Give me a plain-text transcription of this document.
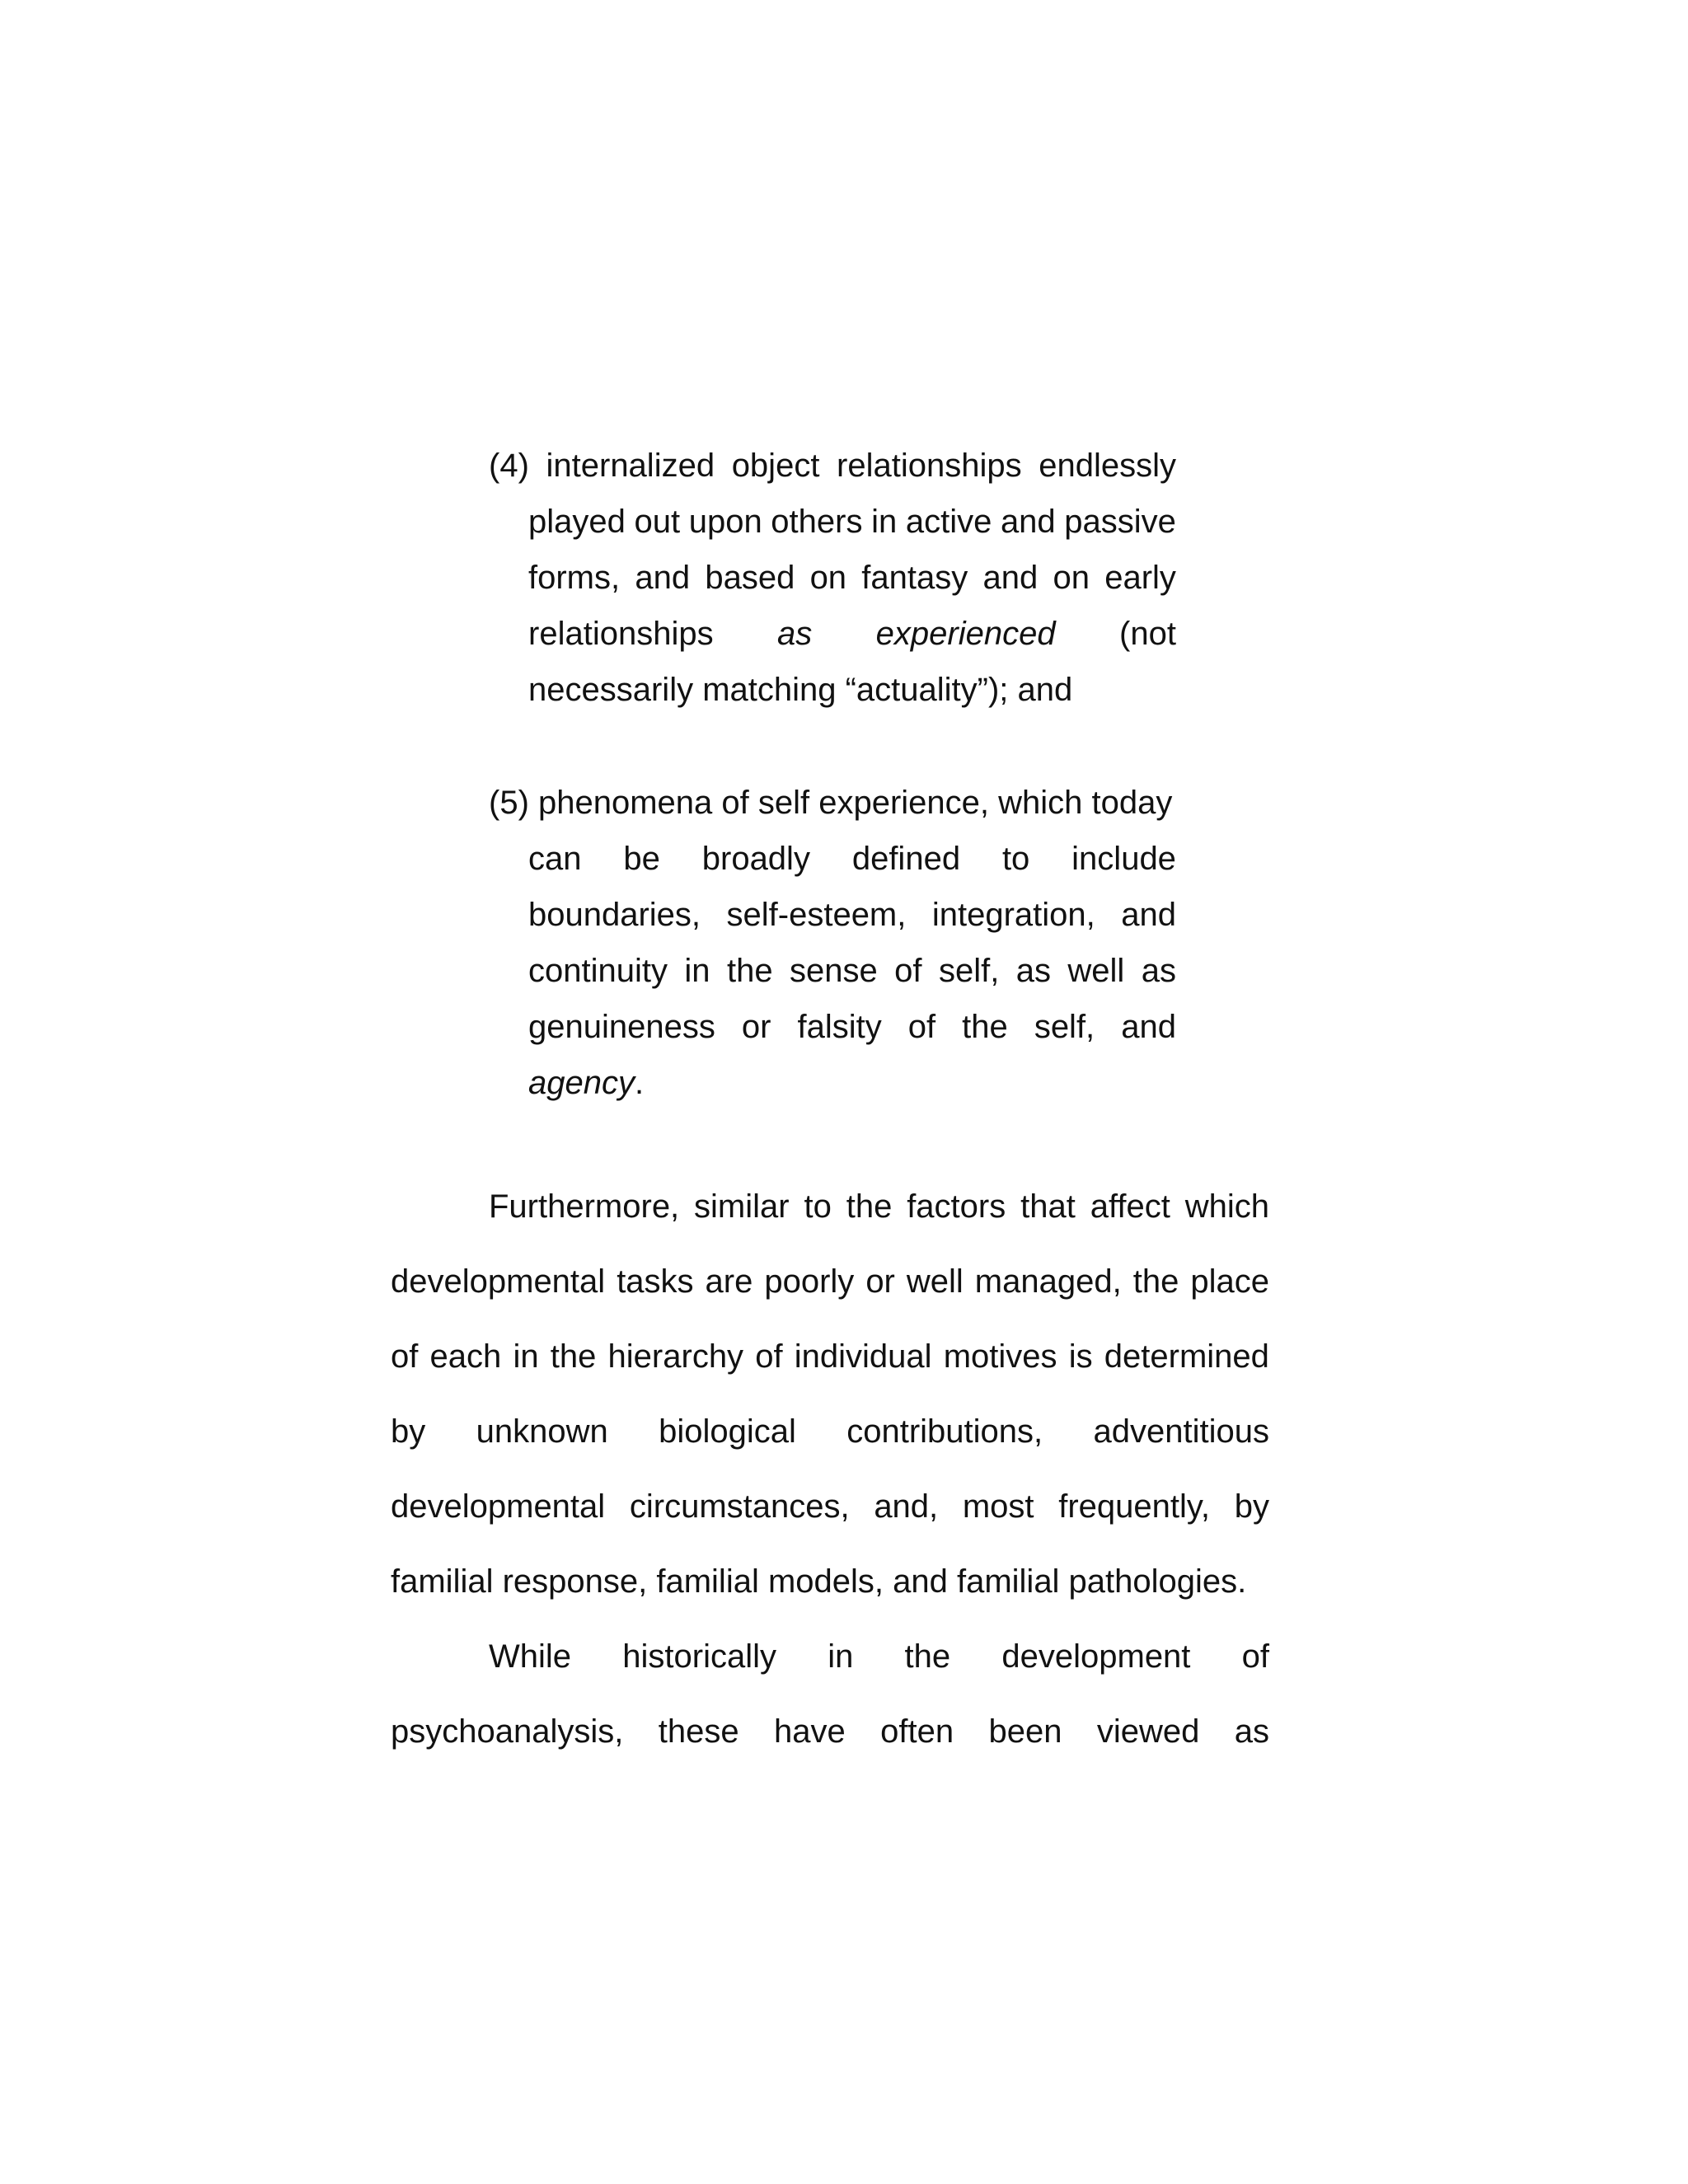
(4) internalized object relationships endlessly
played out upon others in active and passive
forms, and based on fantasy and on early
relationships as experienced (not
necessarily matching “actuality”); and
(5) phenomena of self experience, which today
can be broadly defined to include
boundaries, self-esteem, integration, and
continuity in the sense of self, as well as
genuineness or falsity of the self, and
agency.
Furthermore, similar to the factors that affect which
developmental tasks are poorly or well managed, the place
of each in the hierarchy of individual motives is determined
by unknown biological contributions, adventitious
developmental circumstances, and, most frequently, by
familial response, familial models, and familial pathologies.
While historically in the development of
psychoanalysis, these have often been viewed as
